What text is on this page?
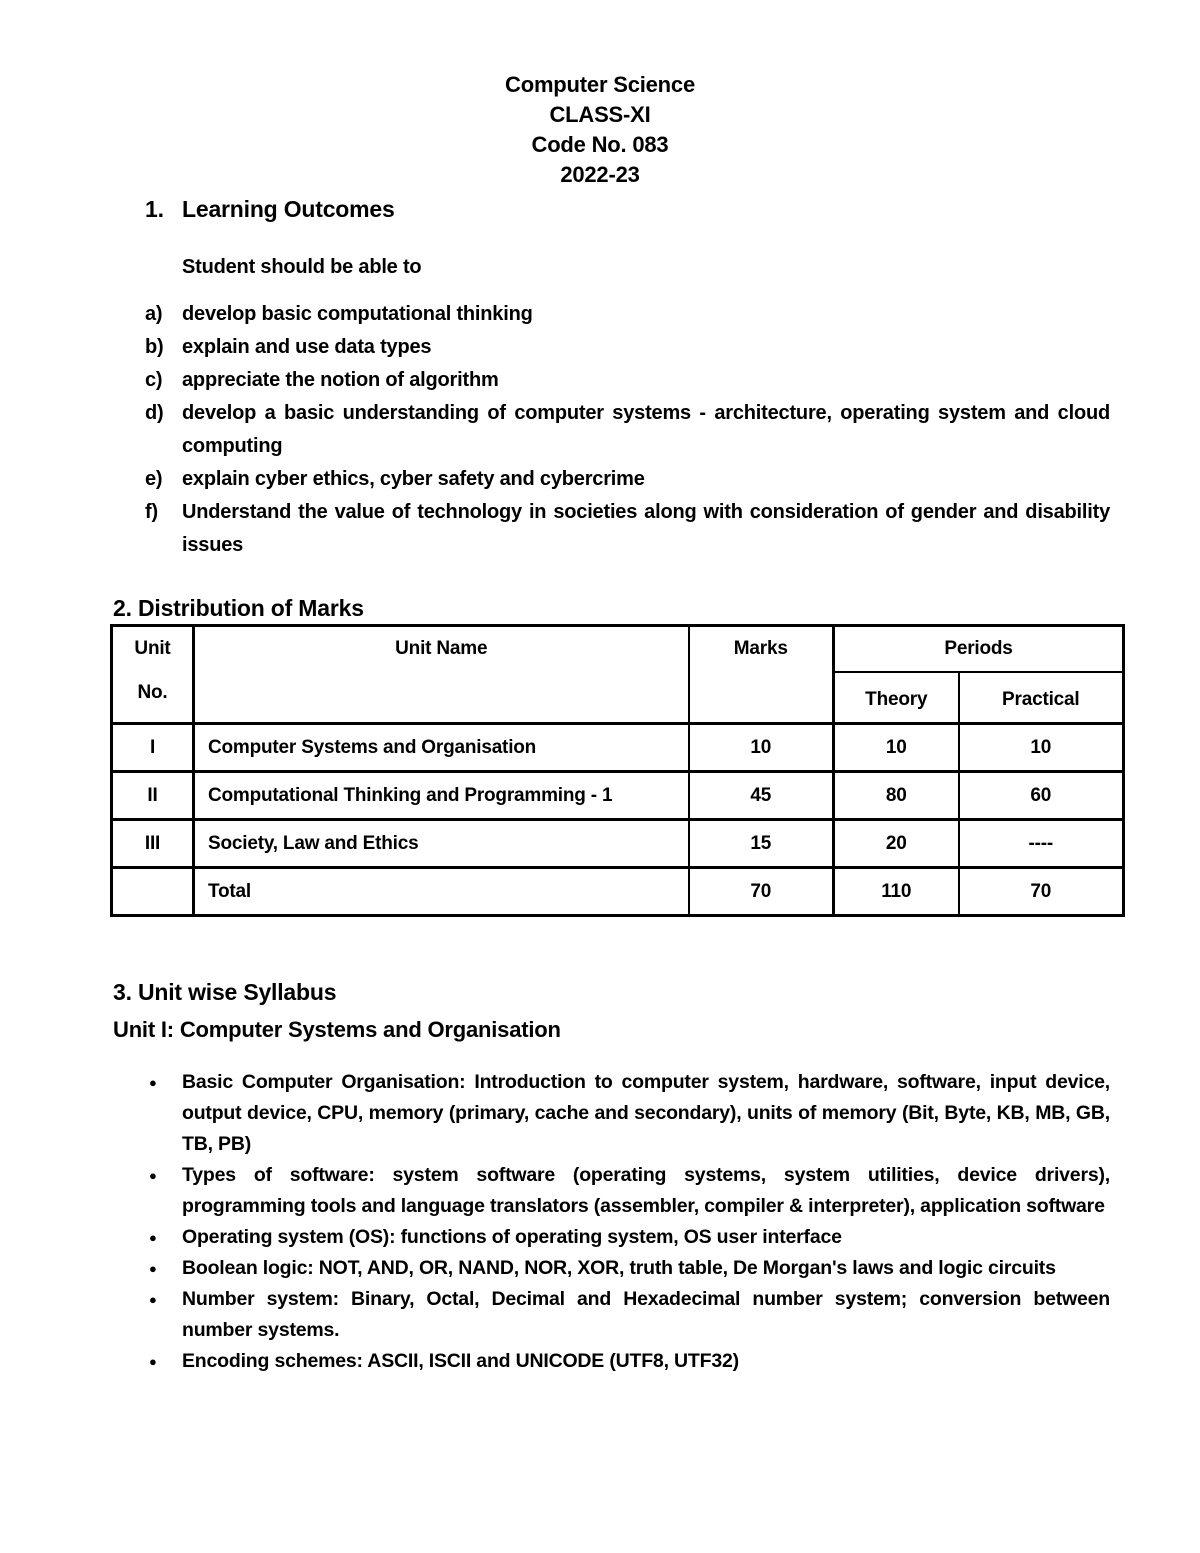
Computer Science
CLASS-XI
Code No. 083
2022-23
1. Learning Outcomes

Student should be able to

a) develop basic computational thinking
b) explain and use data types
c) appreciate the notion of algorithm
d) develop a basic understanding of computer systems - architecture, operating system and cloud computing
e) explain cyber ethics, cyber safety and cybercrime
f)	Understand the value of technology in societies along with consideration of gender and disability issues
2. Distribution of Marks
Unit
No.	Unit Name	Marks	Periods	
			Theory	Practical
I	Computer Systems and Organisation	10	10	10
II	Computational Thinking and Programming - 1	45	80	60
III	Society, Law and Ethics	15	20	----
	Total	70	110	70
3. Unit wise Syllabus
Unit I: Computer Systems and Organisation
●	Basic Computer Organisation: Introduction to computer system, hardware, software, input device, output device, CPU, memory (primary, cache and secondary), units of memory (Bit, Byte, KB, MB, GB, TB, PB)
●	Types of software: system software (operating systems, system utilities, device drivers), programming tools and language translators (assembler, compiler & interpreter), application software
●	Operating system (OS): functions of operating system, OS user interface
●	Boolean logic: NOT, AND, OR, NAND, NOR, XOR, truth table, De Morgan's laws and logic circuits
●	Number system: Binary, Octal, Decimal and Hexadecimal number system; conversion between number systems.
●	Encoding schemes: ASCII, ISCII and UNICODE (UTF8, UTF32)
